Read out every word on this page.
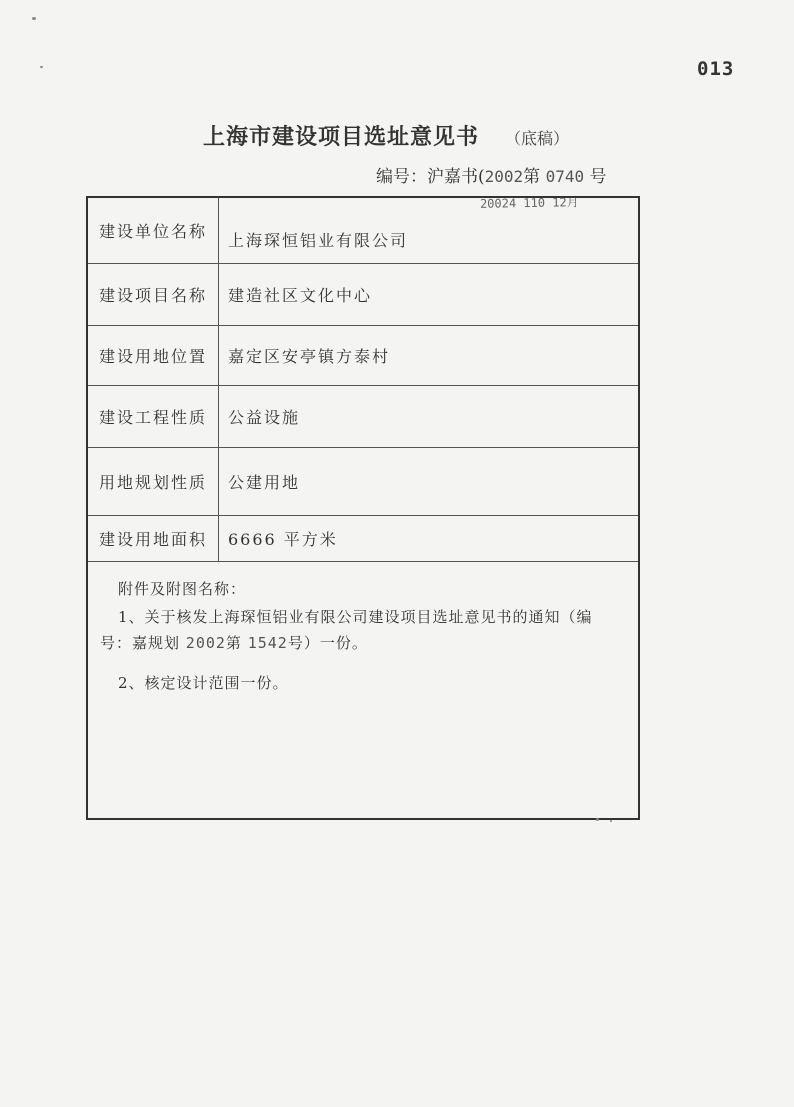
013
上海市建设项目选址意见书 （底稿）
编号：沪嘉书(2002第 0740 号
20024 110 12月
建设单位名称	上海琛恒铝业有限公司
建设项目名称	建造社区文化中心
建设用地位置	嘉定区安亭镇方泰村
建设工程性质	公益设施
用地规划性质	公建用地
建设用地面积	6666 平方米
附件及附图名称：
1、关于核发上海琛恒铝业有限公司建设项目选址意见书的通知（编
号：嘉规划 2002第 1542号）一份。
2、核定设计范围一份。
